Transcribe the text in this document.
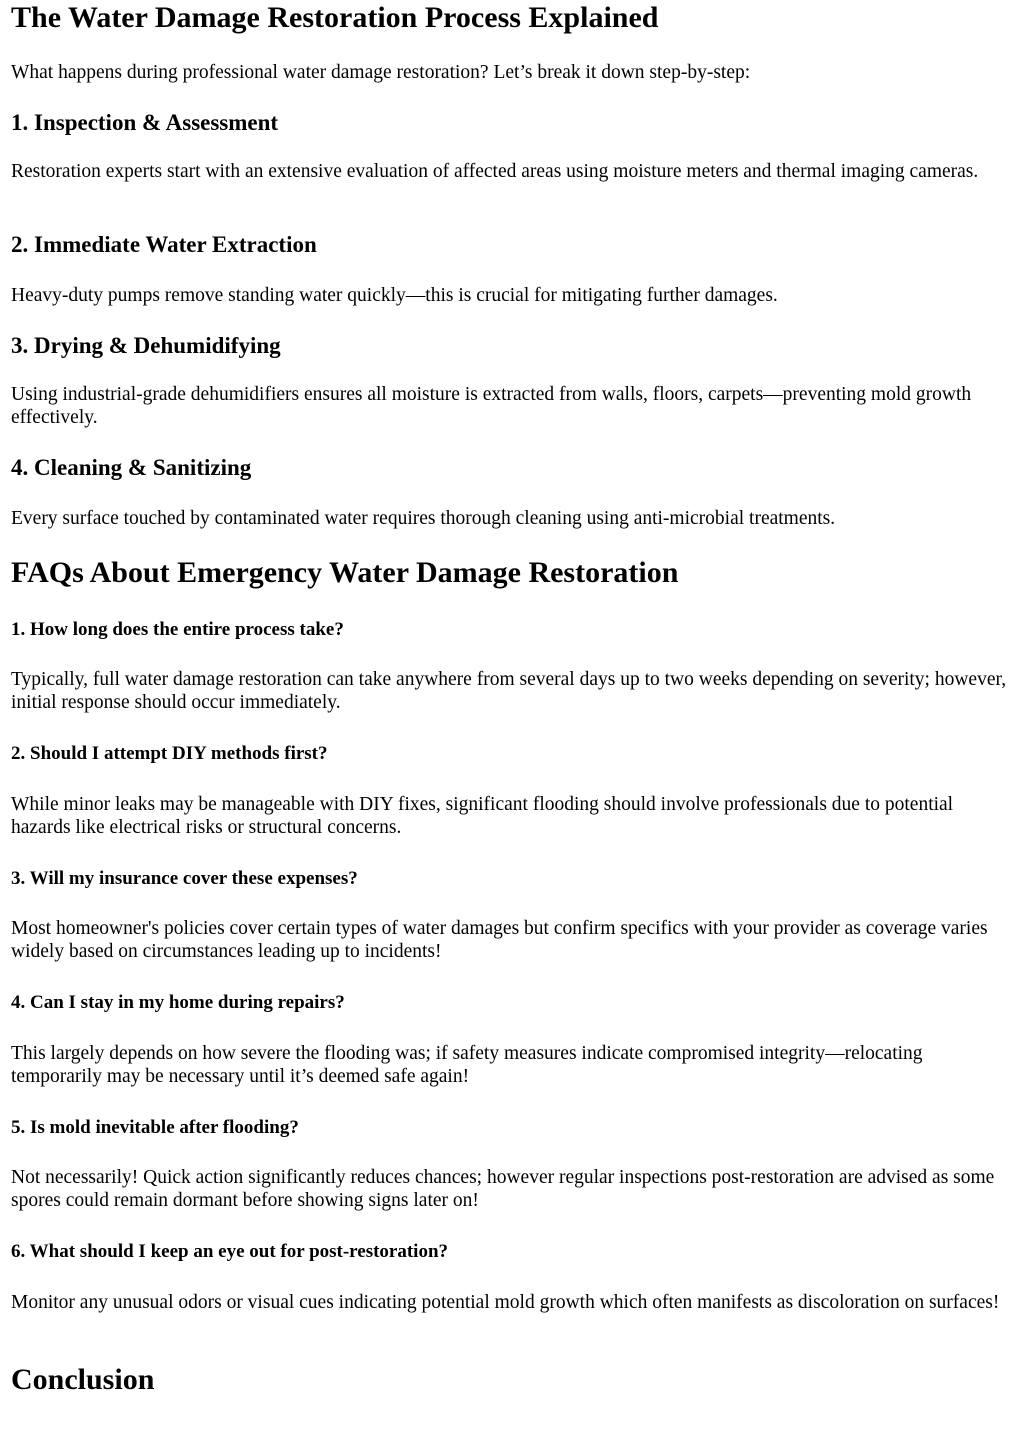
The Water Damage Restoration Process Explained

What happens during professional water damage restoration? Let’s break it down step-by-step:

1. Inspection & Assessment

Restoration experts start with an extensive evaluation of affected areas using moisture meters and thermal imaging cameras.

2. Immediate Water Extraction

Heavy-duty pumps remove standing water quickly—this is crucial for mitigating further damages.

3. Drying & Dehumidifying

Using industrial-grade dehumidifiers ensures all moisture is extracted from walls, floors, carpets—preventing mold growth effectively.

4. Cleaning & Sanitizing

Every surface touched by contaminated water requires thorough cleaning using anti-microbial treatments.

FAQs About Emergency Water Damage Restoration
1. How long does the entire process take?

Typically, full water damage restoration can take anywhere from several days up to two weeks depending on severity; however, initial response should occur immediately.

2. Should I attempt DIY methods first?

While minor leaks may be manageable with DIY fixes, significant flooding should involve professionals due to potential hazards like electrical risks or structural concerns.

3. Will my insurance cover these expenses?

Most homeowner's policies cover certain types of water damages but confirm specifics with your provider as coverage varies widely based on circumstances leading up to incidents!

4. Can I stay in my home during repairs?

This largely depends on how severe the flooding was; if safety measures indicate compromised integrity—relocating temporarily may be necessary until it’s deemed safe again!

5. Is mold inevitable after flooding?

Not necessarily! Quick action significantly reduces chances; however regular inspections post-restoration are advised as some spores could remain dormant before showing signs later on!

6. What should I keep an eye out for post-restoration?

Monitor any unusual odors or visual cues indicating potential mold growth which often manifests as discoloration on surfaces!

Conclusion
